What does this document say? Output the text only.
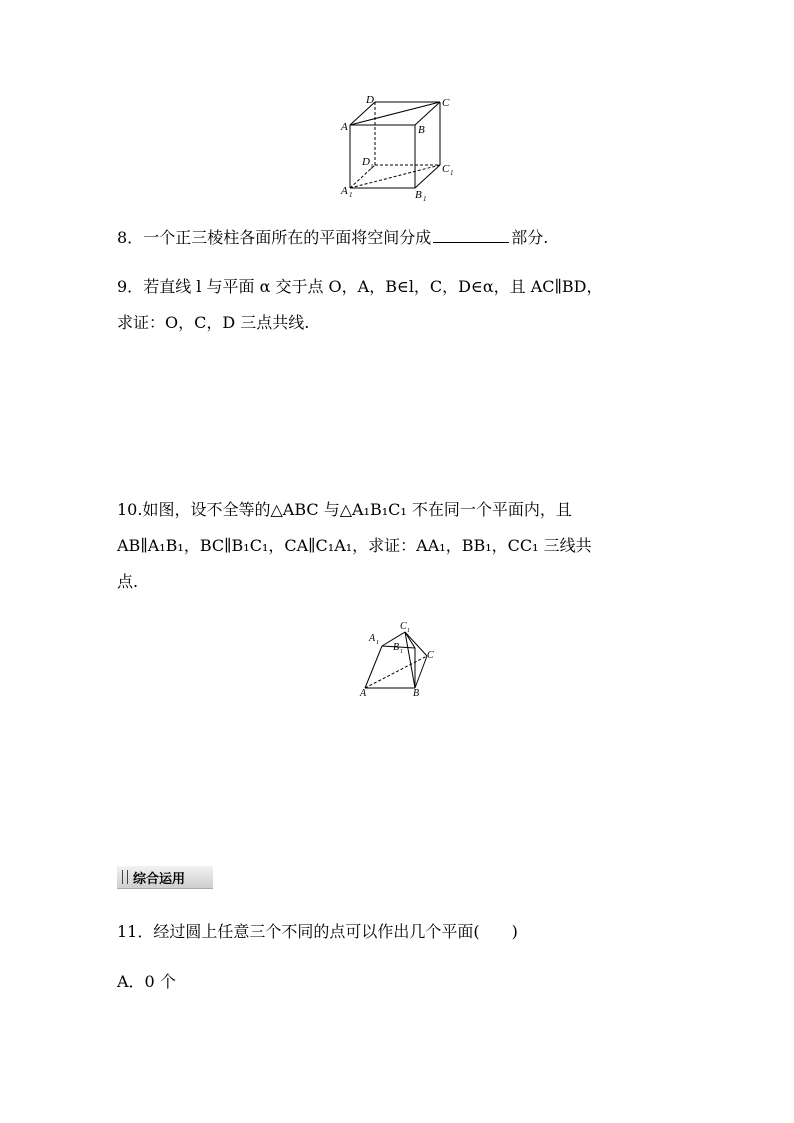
D	C
A	B
D 1	C 1
A 1	B 1

8．一个正三棱柱各面所在的平面将空间分成	部分.

9．若直线 l 与平面 α 交于点 O，A，B∈l，C，D∈α，且 AC∥BD，
求证：O，C，D 三点共线.

10.如图，设不全等的△ABC 与△A₁B₁C₁ 不在同一个平面内，且
AB∥A₁B₁，BC∥B₁C₁，CA∥C₁A₁，求证：AA₁，BB₁，CC₁ 三线共
点.

A 1
C 1
B 1 C
A	B
综合运用

11．经过圆上任意三个不同的点可以作出几个平面(　　)

A．0 个
